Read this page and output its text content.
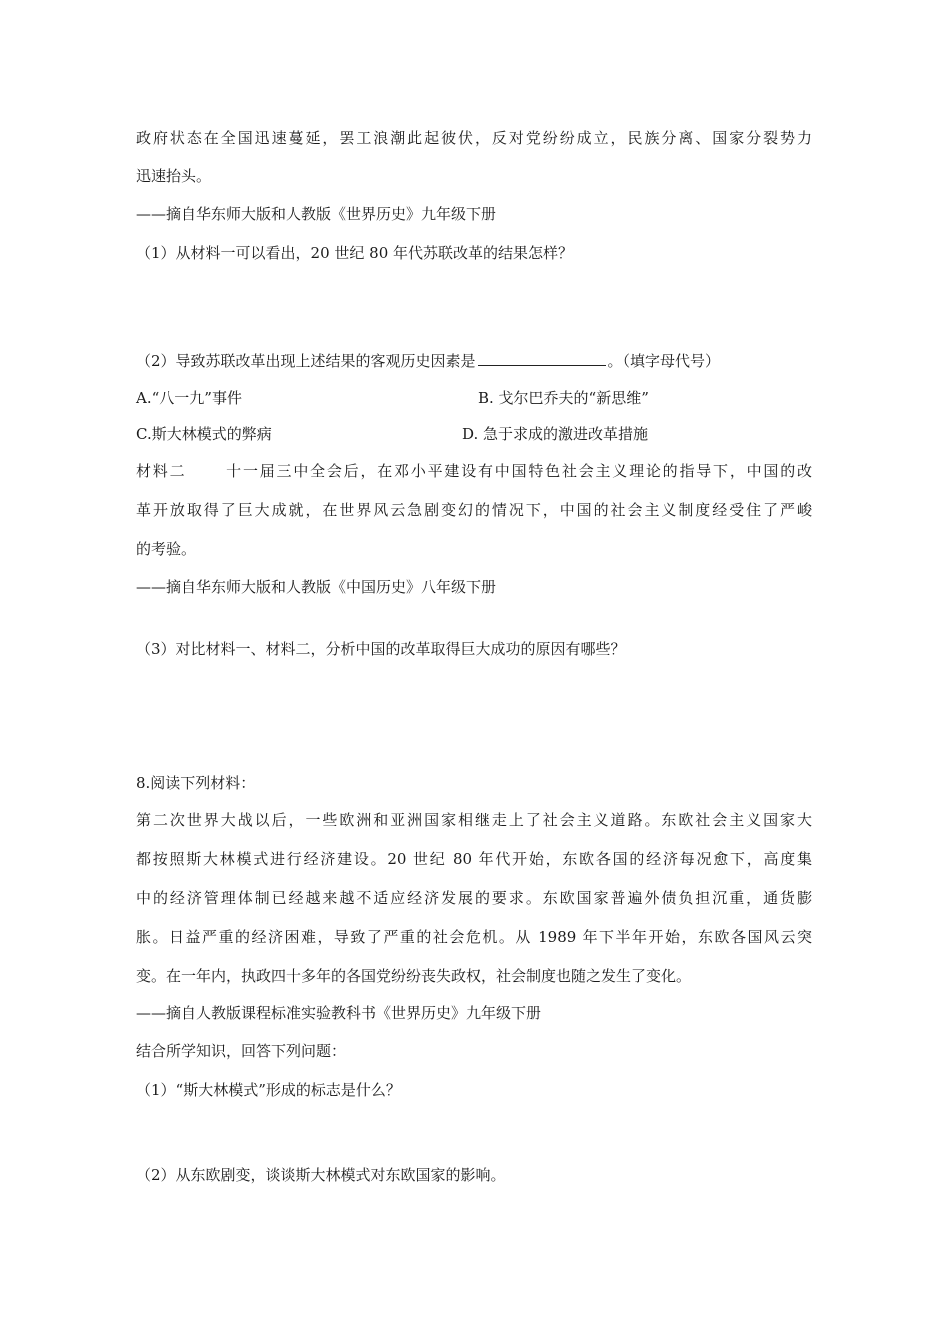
政府状态在全国迅速蔓延，罢工浪潮此起彼伏，反对党纷纷成立，民族分离、国家分裂势力
迅速抬头。
——摘自华东师大版和人教版《世界历史》九年级下册
（1）从材料一可以看出，20 世纪 80 年代苏联改革的结果怎样？
（2）导致苏联改革出现上述结果的客观历史因素是	。（填字母代号）
A.“八一九”事件	B. 戈尔巴乔夫的“新思维”
C.斯大林模式的弊病	D. 急于求成的激进改革措施
材料二	十一届三中全会后，在邓小平建设有中国特色社会主义理论的指导下，中国的改
革开放取得了巨大成就，在世界风云急剧变幻的情况下，中国的社会主义制度经受住了严峻
的考验。
——摘自华东师大版和人教版《中国历史》八年级下册
（3）对比材料一、材料二，分析中国的改革取得巨大成功的原因有哪些？
8.阅读下列材料：
第二次世界大战以后，一些欧洲和亚洲国家相继走上了社会主义道路。东欧社会主义国家大
都按照斯大林模式进行经济建设。20 世纪 80 年代开始，东欧各国的经济每况愈下，高度集
中的经济管理体制已经越来越不适应经济发展的要求。东欧国家普遍外债负担沉重，通货膨
胀。日益严重的经济困难，导致了严重的社会危机。从 1989 年下半年开始，东欧各国风云突
变。在一年内，执政四十多年的各国党纷纷丧失政权，社会制度也随之发生了变化。
——摘自人教版课程标准实验教科书《世界历史》九年级下册
结合所学知识，回答下列问题：
（1）“斯大林模式”形成的标志是什么？
（2）从东欧剧变，谈谈斯大林模式对东欧国家的影响。
